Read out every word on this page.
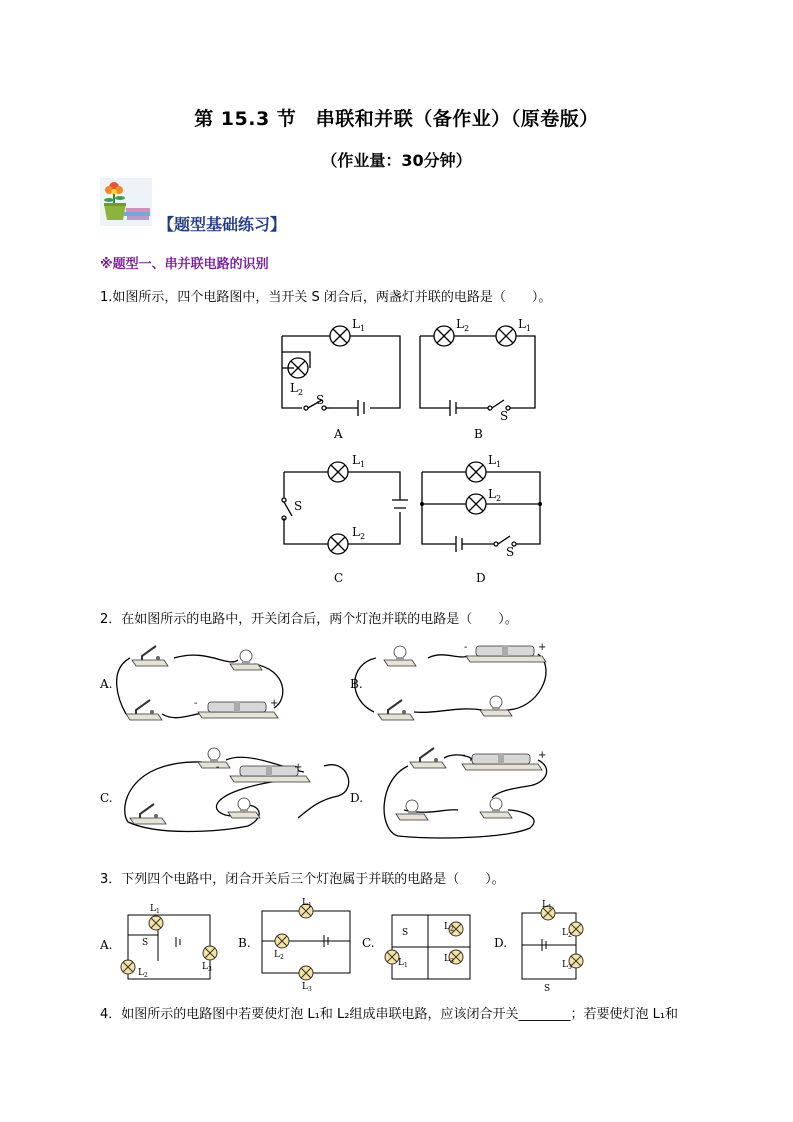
第 15.3 节　串联和并联（备作业）（原卷版）
（作业量：30分钟）
【题型基础练习】
※题型一、串并联电路的识别
1.如图所示，四个电路图中，当开关 S 闭合后，两盏灯并联的电路是（　　）。
$L_1$
$L_2$
S
$L_2$	$L_1$
S
$L_1$
$L_2$
S
$L_1$
$L_2$
S
A	B
C	D
2．在如图所示的电路中，开关闭合后，两个灯泡并联的电路是（　　）。
-	+
-	+
-	+
-	+
A.	B.
C.	D.
3．下列四个电路中，闭合开关后三个灯泡属于并联的电路是（　　）。
$L_1$
$L_2$
$L_3$
S
$L_1$
$L_2$
$L_3$
S
$L_1$
$L_2$
$L_3$
$L_1$
$L_2$
$L_3$
S
A.	B.	C.	D.
4．如图所示的电路图中若要使灯泡 L₁和 L₂组成串联电路，应该闭合开关________；若要使灯泡 L₁和
